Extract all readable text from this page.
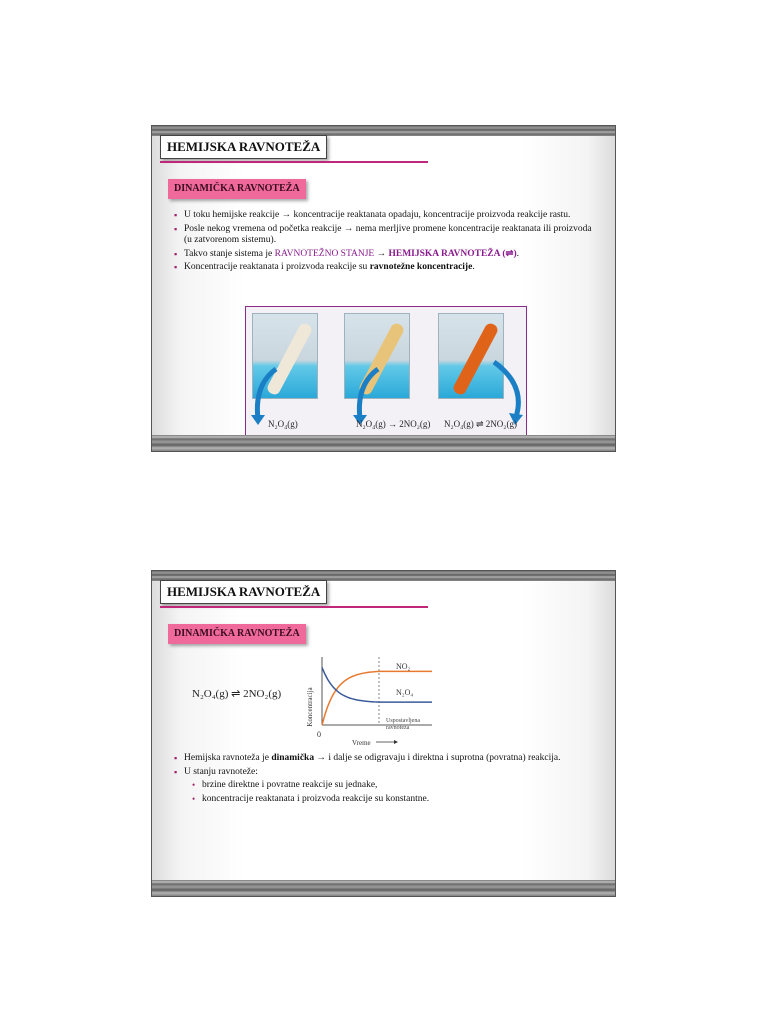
HEMIJSKA RAVNOTEŽA
DINAMIČKA RAVNOTEŽA
▪ U toku hemijske reakcije → koncentracije reaktanata opadaju, koncentracije proizvoda reakcije rastu.
▪ Posle nekog vremena od početka reakcije → nema merljive promene koncentracije reaktanata ili proizvoda (u zatvorenom sistemu).
▪ Takvo stanje sistema je RAVNOTEŽNO STANJE → HEMIJSKA RAVNOTEŽA (⇌).
▪ Koncentracije reaktanata i proizvoda reakcije su ravnotežne koncentracije.
N₂O₄(g)	N₂O₄(g) → 2NO₂(g) N₂O₄(g) ⇌ 2NO₂(g)
HEMIJSKA RAVNOTEŽA
DINAMIČKA RAVNOTEŽA
N₂O₄(g) ⇌ 2NO₂(g)	Koncentracija
0
NO₂
N₂O₄
Uspostavljena
ravnoteža
Vreme
▪ Hemijska ravnoteža je dinamička → i dalje se odigravaju i direktna i suprotna (povratna) reakcija.
▪ U stanju ravnoteže:
• brzine direktne i povratne reakcije su jednake,
• koncentracije reaktanata i proizvoda reakcije su konstantne.
